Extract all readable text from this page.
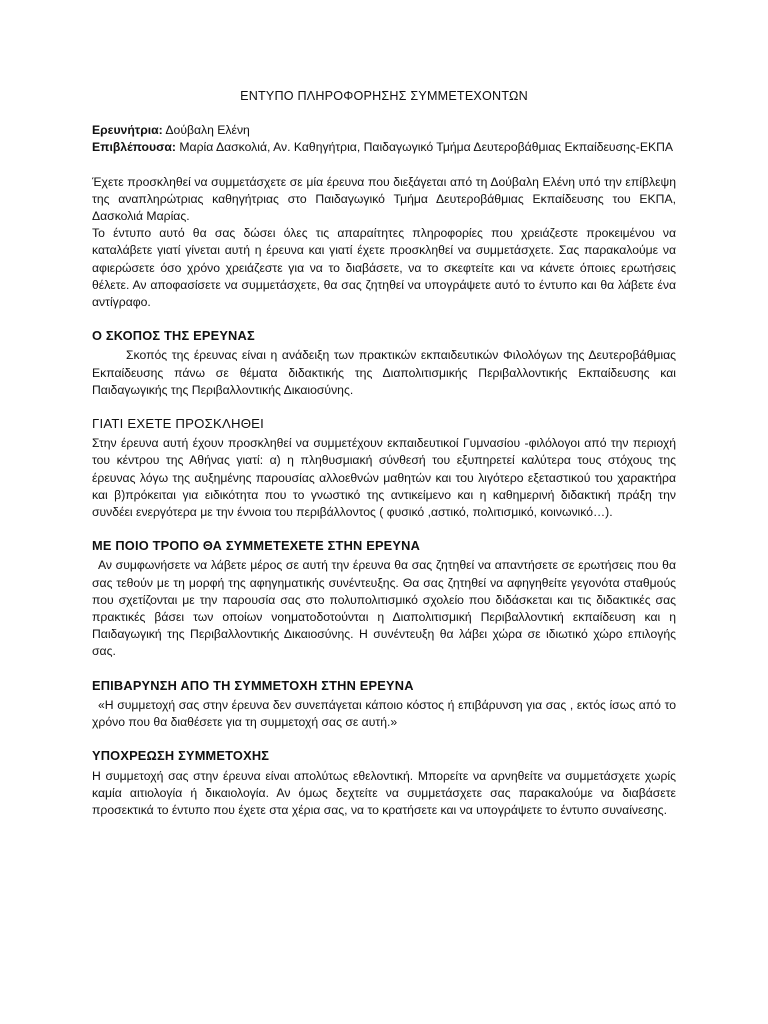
ΕΝΤΥΠΟ ΠΛΗΡΟΦΟΡΗΣΗΣ ΣΥΜΜΕΤΕΧΟΝΤΩΝ
Ερευνήτρια: Δούβαλη Ελένη
Επιβλέπουσα: Μαρία Δασκολιά, Αν. Καθηγήτρια, Παιδαγωγικό Τμήμα Δευτεροβάθμιας Εκπαίδευσης-ΕΚΠΑ

Έχετε προσκληθεί να συμμετάσχετε σε μία έρευνα που διεξάγεται από τη Δούβαλη Ελένη υπό την επίβλεψη της αναπληρώτριας καθηγήτριας στο Παιδαγωγικό Τμήμα Δευτεροβάθμιας Εκπαίδευσης του ΕΚΠΑ, Δασκολιά Μαρίας.

Το έντυπο αυτό θα σας δώσει όλες τις απαραίτητες πληροφορίες που χρειάζεστε προκειμένου να καταλάβετε γιατί γίνεται αυτή η έρευνα και γιατί έχετε προσκληθεί να συμμετάσχετε. Σας παρακαλούμε να αφιερώσετε όσο χρόνο χρειάζεστε για να το διαβάσετε, να το σκεφτείτε και να κάνετε όποιες ερωτήσεις θέλετε. Αν αποφασίσετε να συμμετάσχετε, θα σας ζητηθεί να υπογράψετε αυτό το έντυπο και θα λάβετε ένα αντίγραφο.

Ο ΣΚΟΠΟΣ ΤΗΣ ΕΡΕΥΝΑΣ

Σκοπός της έρευνας είναι η ανάδειξη των πρακτικών εκπαιδευτικών Φιλολόγων της Δευτεροβάθμιας Εκπαίδευσης πάνω σε θέματα διδακτικής της Διαπολιτισμικής Περιβαλλοντικής Εκπαίδευσης και Παιδαγωγικής της Περιβαλλοντικής Δικαιοσύνης.

ΓΙΑΤΙ ΕΧΕΤΕ ΠΡΟΣΚΛΗΘΕΙ

Στην έρευνα αυτή έχουν προσκληθεί να συμμετέχουν εκπαιδευτικοί Γυμνασίου -φιλόλογοι από την περιοχή του κέντρου της Αθήνας γιατί: α) η πληθυσμιακή σύνθεσή του εξυπηρετεί καλύτερα τους στόχους της έρευνας λόγω της αυξημένης παρουσίας αλλοεθνών μαθητών και του λιγότερο εξεταστικού του χαρακτήρα και β)πρόκειται για ειδικότητα που το γνωστικό της αντικείμενο και η καθημερινή διδακτική πράξη την συνδέει ενεργότερα με την έννοια του περιβάλλοντος ( φυσικό ,αστικό, πολιτισμικό, κοινωνικό…).

ΜΕ ΠΟΙΟ ΤΡΟΠΟ ΘΑ ΣΥΜΜΕΤΕΧΕΤΕ ΣΤΗΝ ΕΡΕΥΝΑ

Αν συμφωνήσετε να λάβετε μέρος σε αυτή την έρευνα θα σας ζητηθεί να απαντήσετε σε ερωτήσεις που θα σας τεθούν με τη μορφή της αφηγηματικής συνέντευξης. Θα σας ζητηθεί να αφηγηθείτε γεγονότα σταθμούς που σχετίζονται με την παρουσία σας στο πολυπολιτισμικό σχολείο που διδάσκεται και τις διδακτικές σας πρακτικές βάσει των οποίων νοηματοδοτούνται η Διαπολιτισμική Περιβαλλοντική εκπαίδευση και η Παιδαγωγική της Περιβαλλοντικής Δικαιοσύνης. Η συνέντευξη θα λάβει χώρα σε ιδιωτικό χώρο επιλογής σας.

ΕΠΙΒΑΡΥΝΣΗ ΑΠΟ ΤΗ ΣΥΜΜΕΤΟΧΗ ΣΤΗΝ ΕΡΕΥΝΑ

«Η συμμετοχή σας στην έρευνα δεν συνεπάγεται κάποιο κόστος ή επιβάρυνση για σας , εκτός ίσως από το χρόνο που θα διαθέσετε για τη συμμετοχή σας σε αυτή.»

ΥΠΟΧΡΕΩΣΗ ΣΥΜΜΕΤΟΧΗΣ

Η συμμετοχή σας στην έρευνα είναι απολύτως εθελοντική. Μπορείτε να αρνηθείτε να συμμετάσχετε χωρίς καμία αιτιολογία ή δικαιολογία. Αν όμως δεχτείτε να συμμετάσχετε σας παρακαλούμε να διαβάσετε προσεκτικά το έντυπο που έχετε στα χέρια σας, να το κρατήσετε και να υπογράψετε το έντυπο συναίνεσης.
